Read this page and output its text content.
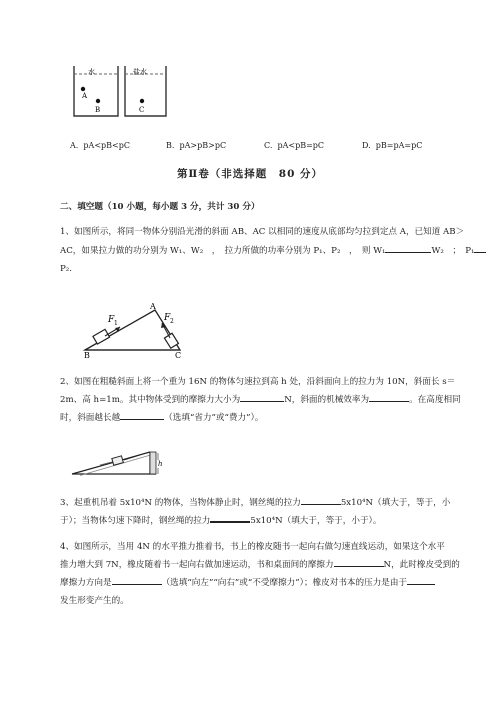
水	盐水
A
B	C
A. pA<pB<pC	B. pA>pB>pC	C. pA<pB=pC	D. pB=pA=pC
第Ⅱ卷（非选择题　80 分）
二、填空题（10 小题，每小题 3 分，共计 30 分）
1、如图所示，将同一物体分别沿光滑的斜面 AB、AC 以相同的速度从底部均匀拉到定点 A，已知道 AB＞
AC，如果拉力做的功分别为 W₁、W₂　，　拉力所做的功率分别为 P₁、P₂　，　则 W₁	W₂　；　P₁
P₂.
F 1
F 2
A
B	C
2、如图在粗糙斜面上将一个重为 16N 的物体匀速拉到高 h 处，沿斜面向上的拉力为 10N，斜面长 s＝
2m、高 h=1m。其中物体受到的摩擦力大小为	N，斜面的机械效率为	。在高度相同
时，斜面越长越	（选填“省力”或“费力”）。
h
3、起重机吊着 5x10⁴N 的物体，当物体静止时，钢丝绳的拉力	5x10⁴N（填大于，等于，小
于）；当物体匀速下降时，钢丝绳的拉力	5x10⁴N（填大于，等于，小于）。
4、如图所示，当用 4N 的水平推力推着书，书上的橡皮随书一起向右做匀速直线运动，如果这个水平
推力增大到 7N，橡皮随着书一起向右做加速运动，书和桌面间的摩擦力	N，此时橡皮受到的
摩擦力方向是	（选填“向左”“向右”或“不受摩擦力”）；橡皮对书本的压力是由于
发生形变产生的。
